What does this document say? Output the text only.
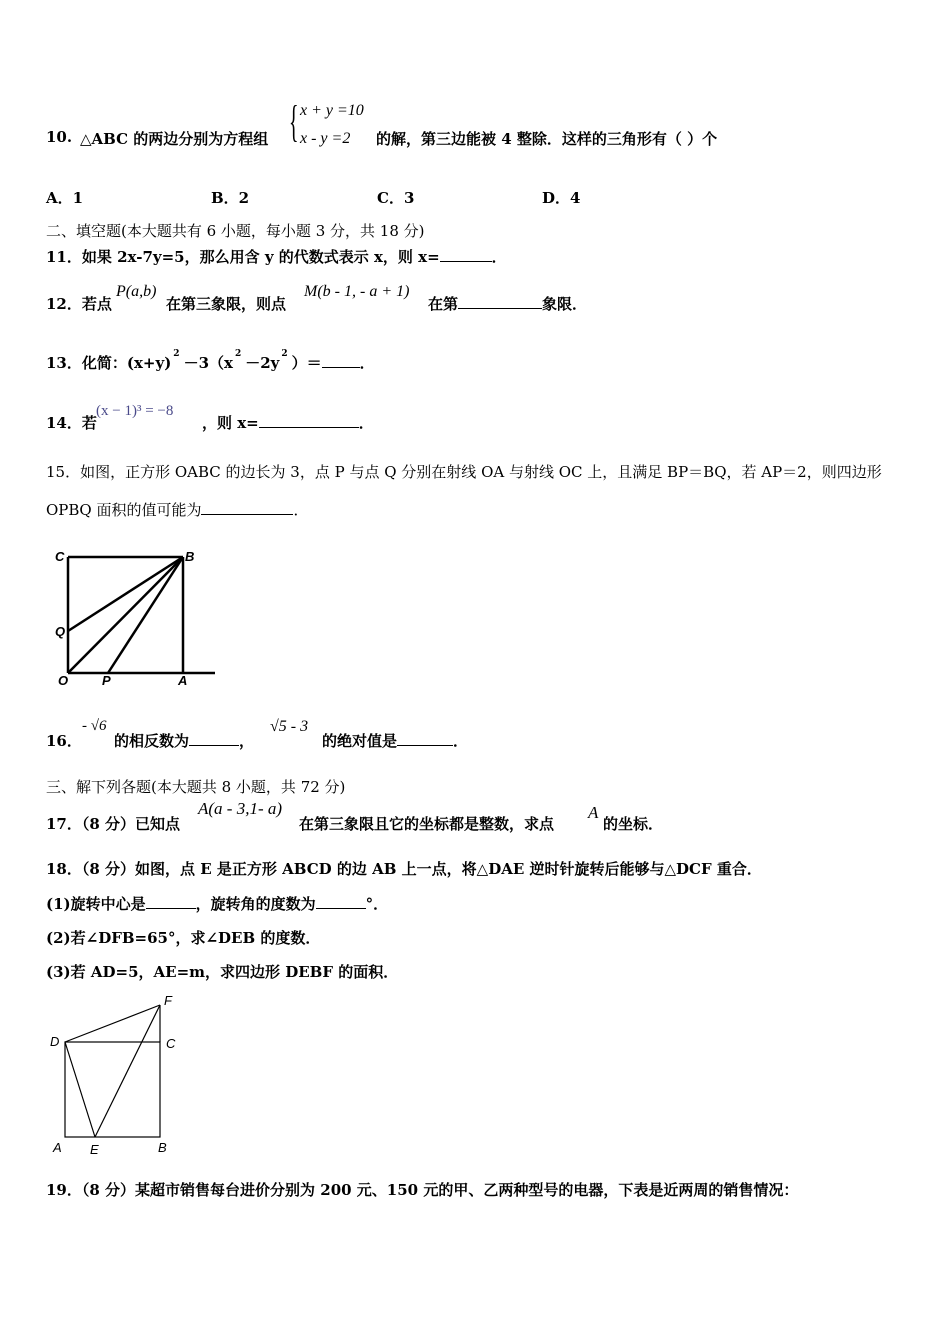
10. △ABC 的两边分别为方程组 { x + y =10
x - y =2 的解，第三边能被 4 整除．这样的三角形有（ ）个
A．1	B．2	C．3	D．4
二、填空题(本大题共有 6 小题，每小题 3 分，共 18 分)
11．如果 2x-7y=5，那么用含 y 的代数式表示 x，则 x=	．
12．若点
P(a,b)
在第三象限，则点
M(b - 1, - a + 1)
在第	象限．
13．化简：(x+y) $^2$ －3（x $^2$ －2y $^2$ ）＝	．
14．若
(x − 1)³ = −8
，则 x=	．
15．如图，正方形 OABC 的边长为 3，点 P 与点 Q 分别在射线 OA 与射线 OC 上，且满足 BP＝BQ，若 AP＝2，则四边形
OPBQ 面积的值可能为	．
C	B
Q
O	P	A
16．
- √6
的相反数为	，
√5 - 3
的绝对值是	．
三、解下列各题(本大题共 8 小题，共 72 分)
17．（8 分）已知点
A(a - 3,1- a)
在第三象限且它的坐标都是整数，求点
A
的坐标．
18．（8 分）如图，点 E 是正方形 ABCD 的边 AB 上一点，将△DAE 逆时针旋转后能够与△DCF 重合．
(1)旋转中心是	，旋转角的度数为	°．
(2)若∠DFB=65°，求∠DEB 的度数．
(3)若 AD=5，AE=m，求四边形 DEBF 的面积．
F
D	C
A E	B
19．（8 分）某超市销售每台进价分别为 200 元、150 元的甲、乙两种型号的电器，下表是近两周的销售情况：
